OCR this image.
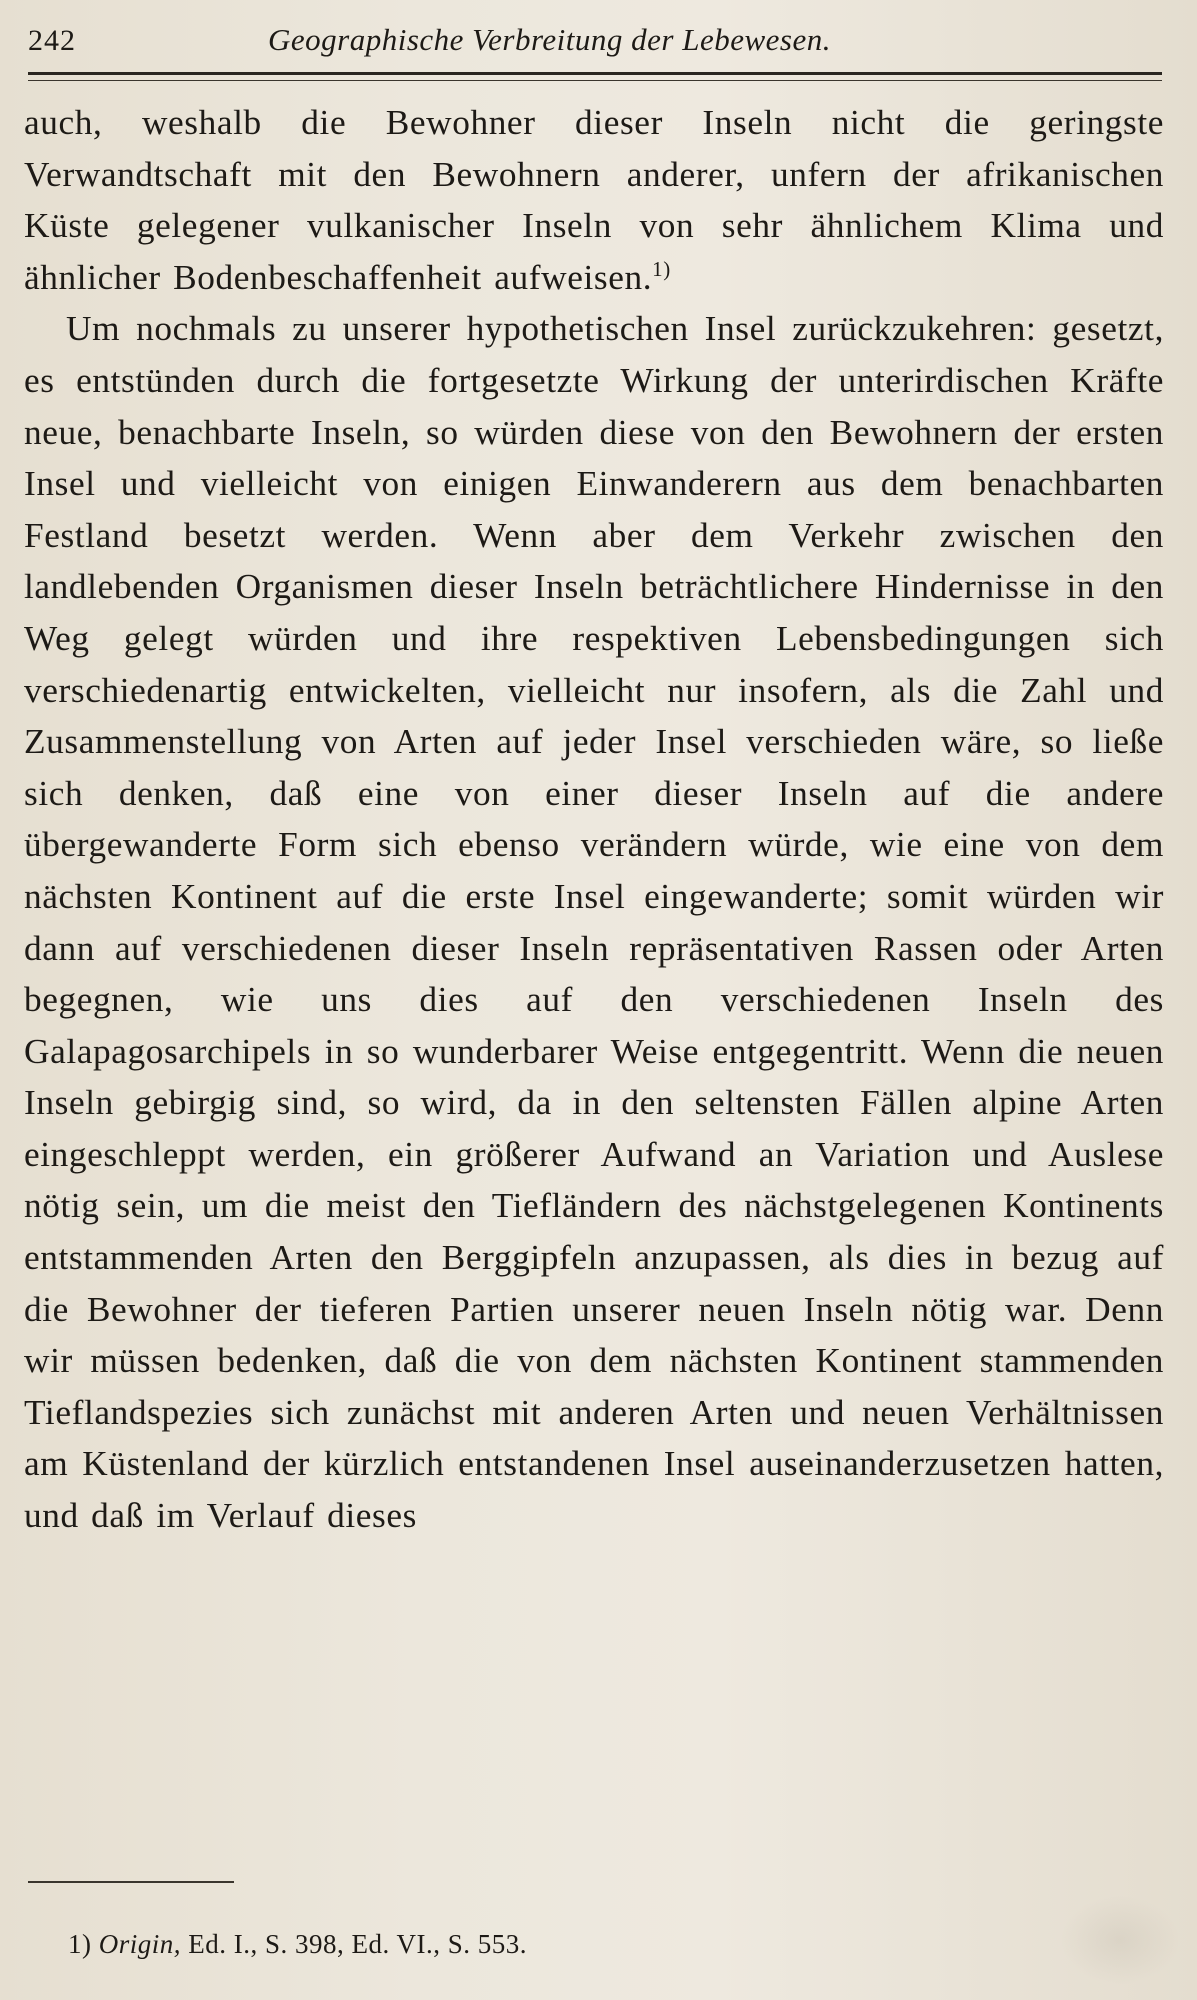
242	Geographische Verbreitung der Lebewesen.

auch, weshalb die Bewohner dieser Inseln nicht die geringste Verwandtschaft mit den Bewohnern anderer, unfern der afrikanischen Küste gelegener vulkanischer Inseln von sehr ähnlichem Klima und ähnlicher Bodenbeschaffenheit aufweisen.$^{1)}$

Um nochmals zu unserer hypothetischen Insel zurückzukehren: gesetzt, es entstünden durch die fortgesetzte Wirkung der unterirdischen Kräfte neue, benachbarte Inseln, so würden diese von den Bewohnern der ersten Insel und vielleicht von einigen Einwanderern aus dem benachbarten Festland besetzt werden. Wenn aber dem Verkehr zwischen den landlebenden Organismen dieser Inseln beträchtlichere Hindernisse in den Weg gelegt würden und ihre respektiven Lebensbedingungen sich verschiedenartig entwickelten, vielleicht nur insofern, als die Zahl und Zusammenstellung von Arten auf jeder Insel verschieden wäre, so ließe sich denken, daß eine von einer dieser Inseln auf die andere übergewanderte Form sich ebenso verändern würde, wie eine von dem nächsten Kontinent auf die erste Insel eingewanderte; somit würden wir dann auf verschiedenen dieser Inseln repräsentativen Rassen oder Arten begegnen, wie uns dies auf den verschiedenen Inseln des Galapagosarchipels in so wunderbarer Weise entgegentritt. Wenn die neuen Inseln gebirgig sind, so wird, da in den seltensten Fällen alpine Arten eingeschleppt werden, ein größerer Aufwand an Variation und Auslese nötig sein, um die meist den Tiefländern des nächstgelegenen Kontinents entstammenden Arten den Berggipfeln anzupassen, als dies in bezug auf die Bewohner der tieferen Partien unserer neuen Inseln nötig war. Denn wir müssen bedenken, daß die von dem nächsten Kontinent stammenden Tieflandspezies sich zunächst mit anderen Arten und neuen Verhältnissen am Küstenland der kürzlich entstandenen Insel auseinanderzusetzen hatten, und daß im Verlauf dieses

1) Origin, Ed. I., S. 398, Ed. VI., S. 553.
